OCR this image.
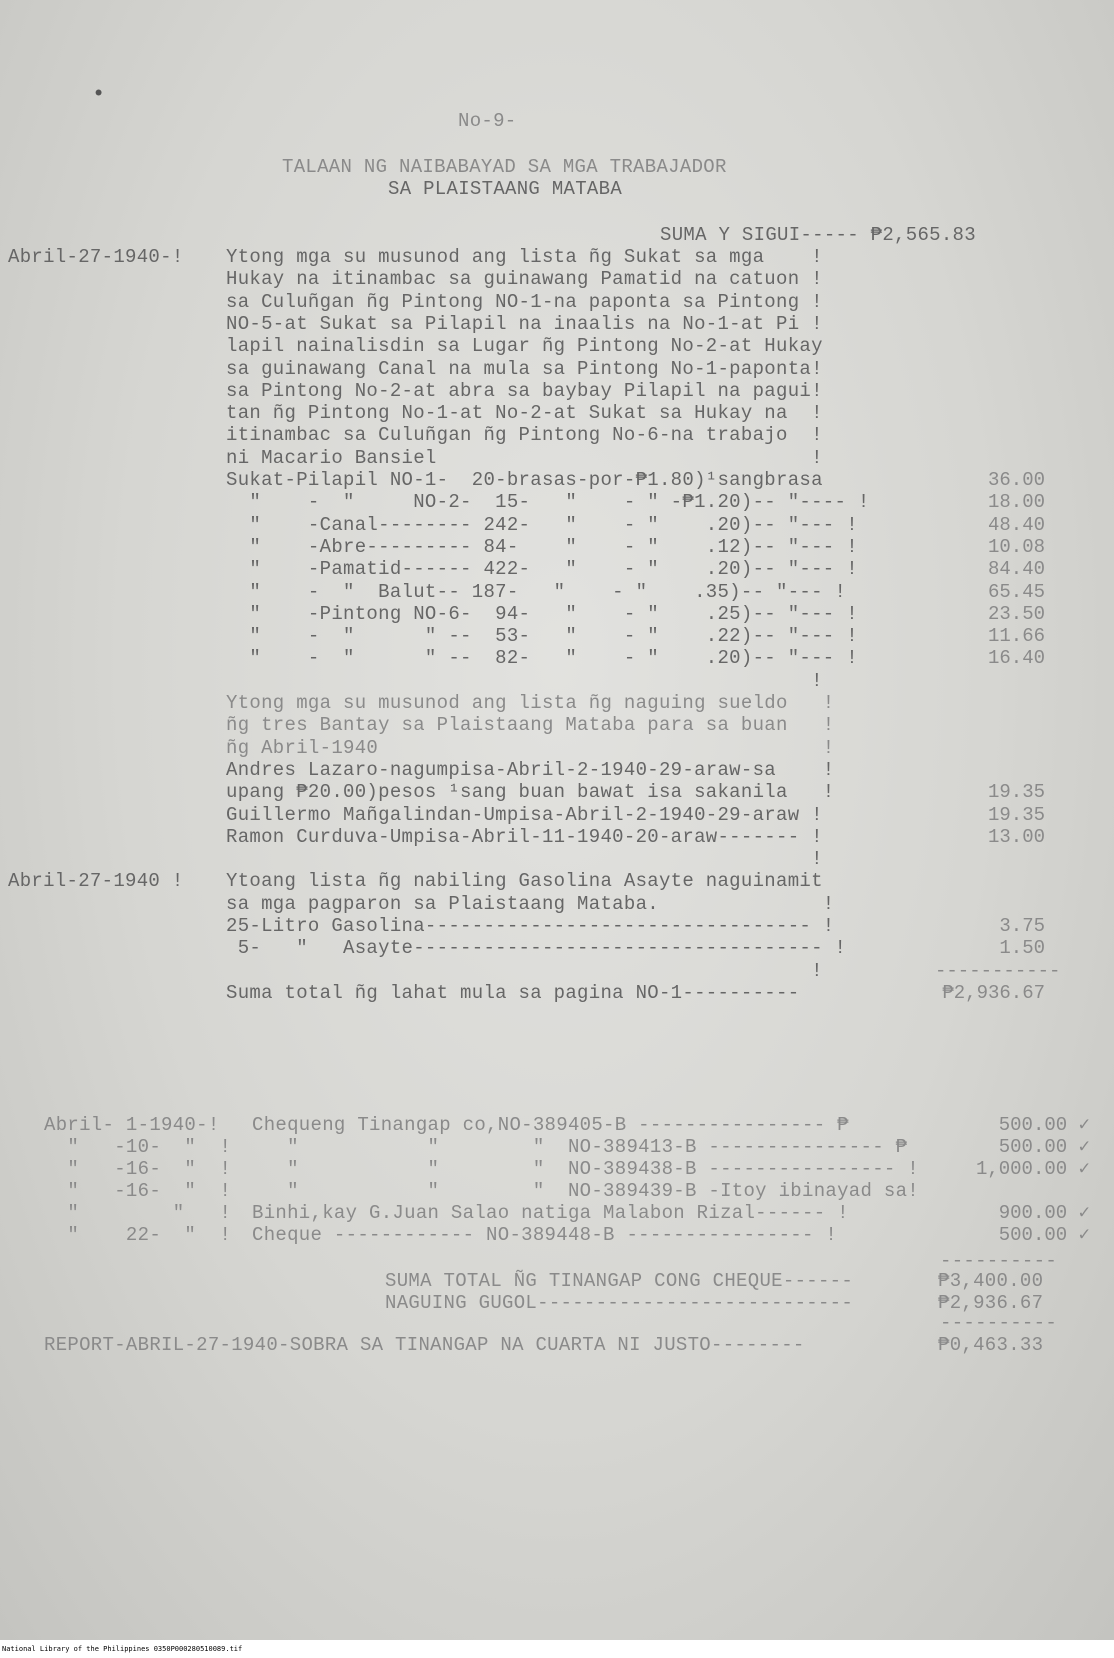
No-9-
TALAAN NG NAIBABAYAD SA MGA TRABAJADOR
SA PLAISTAANG MATABA
SUMA Y SIGUI----- ₱2,565.83
Abril-27-1940-! Ytong mga su musunod ang lista ñg Sukat sa mga    !
Hukay na itinambac sa guinawang Pamatid na catuon !
sa Culuñgan ñg Pintong NO-1-na paponta sa Pintong !
NO-5-at Sukat sa Pilapil na inaalis na No-1-at Pi !
lapil nainalisdin sa Lugar ñg Pintong No-2-at Hukay
sa guinawang Canal na mula sa Pintong No-1-paponta!
sa Pintong No-2-at abra sa baybay Pilapil na pagui!
tan ñg Pintong No-1-at No-2-at Sukat sa Hukay na  !
itinambac sa Culuñgan ñg Pintong No-6-na trabajo  !
ni Macario Bansiel                                !
Sukat-Pilapil NO-1-  20-brasas-por-₱1.80)¹sangbrasa	36.00
"    -  "     NO-2-  15-   "    - " -₱1.20)-- "---- !	18.00
"    -Canal-------- 242-   "    - "    .20)-- "--- !	48.40
"    -Abre--------- 84-    "    - "    .12)-- "--- !	10.08
"    -Pamatid------ 422-   "    - "    .20)-- "--- !	84.40
"    -  "  Balut-- 187-   "    - "    .35)-- "--- !	65.45
"    -Pintong NO-6-  94-   "    - "    .25)-- "--- !	23.50
"    -  "      " --  53-   "    - "    .22)-- "--- !	11.66
"    -  "      " --  82-   "    - "    .20)-- "--- !	16.40
!
Ytong mga su musunod ang lista ñg naguing sueldo   !
ñg tres Bantay sa Plaistaang Mataba para sa buan   !
ñg Abril-1940                                      !
Andres Lazaro-nagumpisa-Abril-2-1940-29-araw-sa    !
upang ₱20.00)pesos ¹sang buan bawat isa sakanila   !	19.35
Guillermo Mañgalindan-Umpisa-Abril-2-1940-29-araw !	19.35
Ramon Curduva-Umpisa-Abril-11-1940-20-araw------- !	13.00
!
Abril-27-1940 ! Ytoang lista ñg nabiling Gasolina Asayte naguinamit
sa mga pagparon sa Plaistaang Mataba.              !
25-Litro Gasolina--------------------------------- !	3.75
5-   "   Asayte----------------------------------- !	1.50
!	-----------
Suma total ñg lahat mula sa pagina NO-1----------	₱2,936.67
Abril- 1-1940-! Chequeng Tinangap co,NO-389405-B ---------------- ₱	500.00 ✓
"   -10-  "  ! "           "        "  NO-389413-B --------------- ₱	500.00 ✓
"   -16-  "  ! "           "        "  NO-389438-B ---------------- !	1,000.00 ✓
"   -16-  "  ! "           "        "  NO-389439-B -Itoy ibinayad sa!
"        "   ! Binhi,kay G.Juan Salao natiga Malabon Rizal------ !	900.00 ✓
"    22-  "  ! Cheque ------------ NO-389448-B ---------------- !	500.00 ✓
----------
SUMA TOTAL ÑG TINANGAP CONG CHEQUE------	₱3,400.00
NAGUING GUGOL---------------------------	₱2,936.67
----------
REPORT-ABRIL-27-1940-SOBRA SA TINANGAP NA CUARTA NI JUSTO--------	₱0,463.33
•
National Library of the Philippines 0350P000280510089.tif
